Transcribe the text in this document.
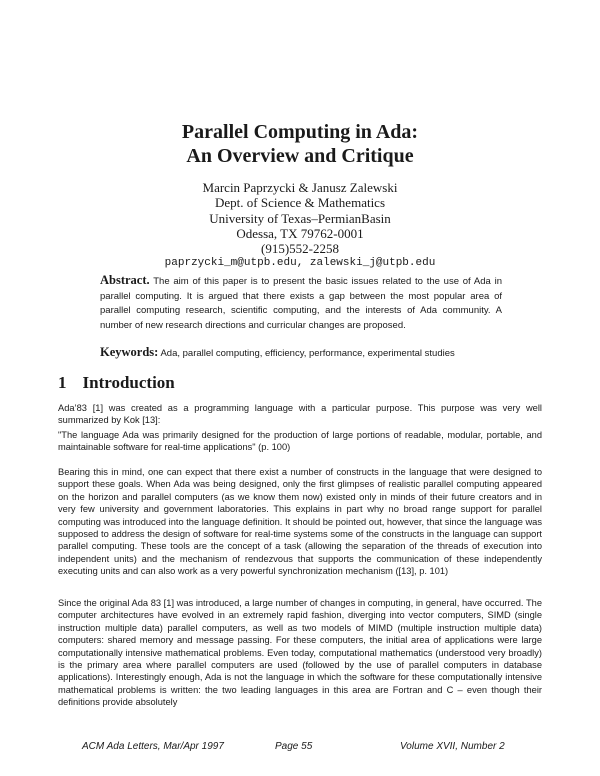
Parallel Computing in Ada:
An Overview and Critique
Marcin Paprzycki & Janusz Zalewski
Dept. of Science & Mathematics
University of Texas–PermianBasin
Odessa, TX 79762-0001
(915)552-2258
paprzycki_m@utpb.edu, zalewski_j@utpb.edu
Abstract. The aim of this paper is to present the basic issues related to the use of Ada in parallel computing. It is argued that there exists a gap between the most popular area of parallel computing research, scientific computing, and the interests of Ada community. A number of new research directions and curricular changes are proposed.
Keywords: Ada, parallel computing, efficiency, performance, experimental studies
1 Introduction
Ada’83 [1] was created as a programming language with a particular purpose. This purpose was very well summarized by Kok [13]:
"The language Ada was primarily designed for the production of large portions of readable, modular, portable, and maintainable software for real-time applications" (p. 100)
Bearing this in mind, one can expect that there exist a number of constructs in the language that were designed to support these goals. When Ada was being designed, only the first glimpses of realistic parallel computing appeared on the horizon and parallel computers (as we know them now) existed only in minds of their future creators and in very few university and government laboratories. This explains in part why no broad range support for parallel computing was introduced into the language definition. It should be pointed out, however, that since the language was supposed to address the design of software for real-time systems some of the constructs in the language can support parallel computing. These tools are the concept of a task (allowing the separation of the threads of execution into independent units) and the mechanism of rendezvous that supports the communication of these independently executing units and can also work as a very powerful synchronization mechanism ([13], p. 101)
Since the original Ada 83 [1] was introduced, a large number of changes in computing, in general, have occurred. The computer architectures have evolved in an extremely rapid fashion, diverging into vector computers, SIMD (single instruction multiple data) parallel computers, as well as two models of MIMD (multiple instruction multiple data) computers: shared memory and message passing. For these computers, the initial area of applications were large computationally intensive mathematical problems. Even today, computational mathematics (understood very broadly) is the primary area where parallel computers are used (followed by the use of parallel computers in database applications). Interestingly enough, Ada is not the language in which the software for these computationally intensive mathematical problems is written: the two leading languages in this area are Fortran and C – even though their definitions provide absolutely
ACM Ada Letters, Mar/Apr 1997	Page 55	Volume XVII, Number 2
